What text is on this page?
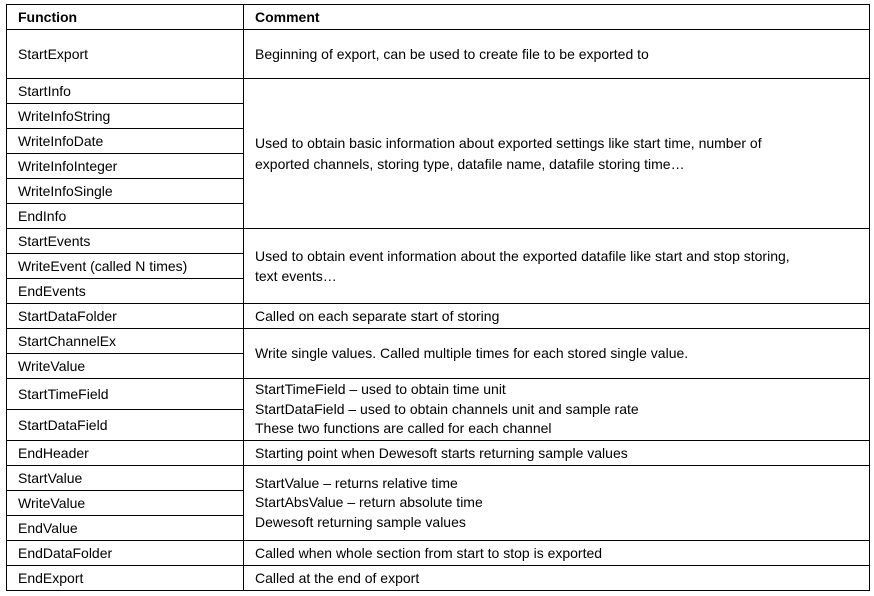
Function	Comment
StartExport	Beginning of export, can be used to create file to be exported to

StartInfo	Used to obtain basic information about exported settings like start time, number of
exported channels, storing type, datafile name, datafile storing time…

WriteInfoString	
WriteInfoDate	
WriteInfoInteger	
WriteInfoSingle	
EndInfo	
StartEvents	Used to obtain event information about the exported datafile like start and stop storing,
text events…

WriteEvent (called N times)	
EndEvents	
StartDataFolder	Called on each separate start of storing

StartChannelEx	Write single values. Called multiple times for each stored single value.

WriteValue	
StartTimeField	StartTimeField – used to obtain time unit
StartDataField – used to obtain channels unit and sample rate
These two functions are called for each channel

StartDataField	
EndHeader	Starting point when Dewesoft starts returning sample values

StartValue	StartValue – returns relative time
StartAbsValue – return absolute time
Dewesoft returning sample values

WriteValue	
EndValue	
EndDataFolder	Called when whole section from start to stop is exported

EndExport	Called at the end of export
